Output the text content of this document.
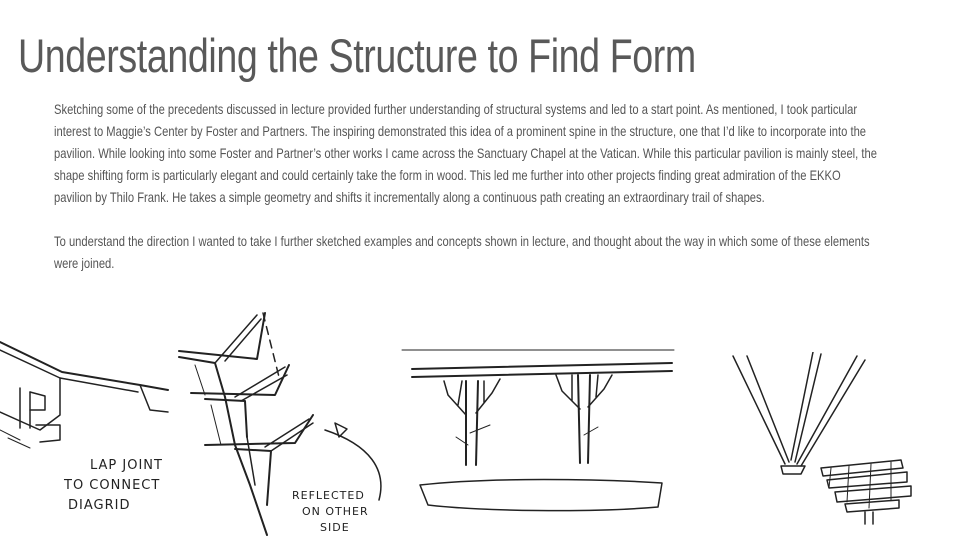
Understanding the Structure to Find Form

Sketching some of the precedents discussed in lecture provided further understanding of structural systems and led to a start point. As mentioned, I took particular interest to Maggie’s Center by Foster and Partners. The inspiring demonstrated this idea of a prominent spine in the structure, one that I’d like to incorporate into the pavilion. While looking into some Foster and Partner’s other works I came across the Sanctuary Chapel at the Vatican. While this particular pavilion is mainly steel, the shape shifting form is particularly elegant and could certainly take the form in wood. This led me further into other projects finding great admiration of the EKKO pavilion by Thilo Frank. He takes a simple geometry and shifts it incrementally along a continuous path creating an extraordinary trail of shapes.

To understand the direction I wanted to take I further sketched examples and concepts shown in lecture, and thought about the way in which some of these elements were joined.

LAP JOINT
TO CONNECT
DIAGRID
REFLECTED
ON OTHER
SIDE
